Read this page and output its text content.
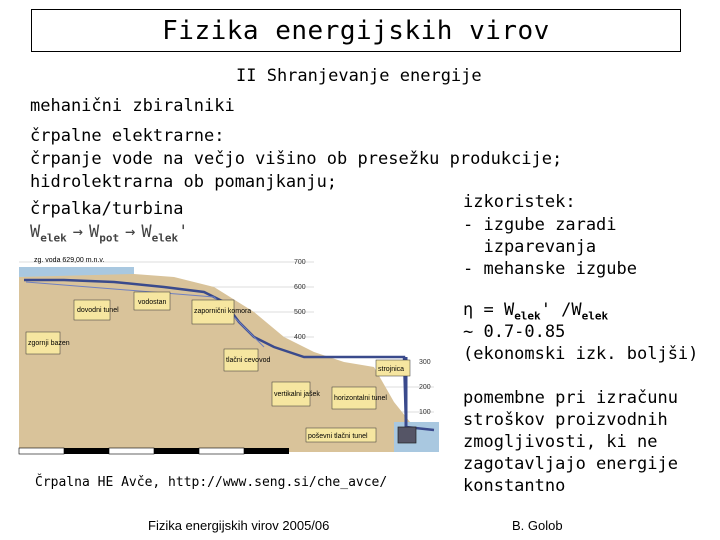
Fizika energijskih virov
II Shranjevanje energije
mehanični zbiralniki
črpalne elektrarne:
črpanje vode na večjo višino ob presežku produkcije;
hidrolektrarna ob pomanjkanju;
črpalka/turbina
$W_{elek} \to W_{pot} \to W_{elek}'$
izkoristek:
- izgube zaradi
izparevanja
- mehanske izgube
$\eta = W_{elek}'$ $/W_{elek}$
~ 0.7-0.85
(ekonomski izk. boljši)
pomembne pri izračunu
stroškov proizvodnih
zmogljivosti, ki ne
zagotavljajo energije
konstantno
700
600
500
400
300
200
100
zg. voda 629,00 m.n.v.
dovodni tunel
vodostan
zapornični komora
zgornji bazen
tlačni cevovod
vertikalni jašek
horizontalni tunel
strojnica
poševni tlačni tunel
Črpalna HE Avče, http://www.seng.si/che_avce/
Fizika energijskih virov 2005/06	B. Golob
